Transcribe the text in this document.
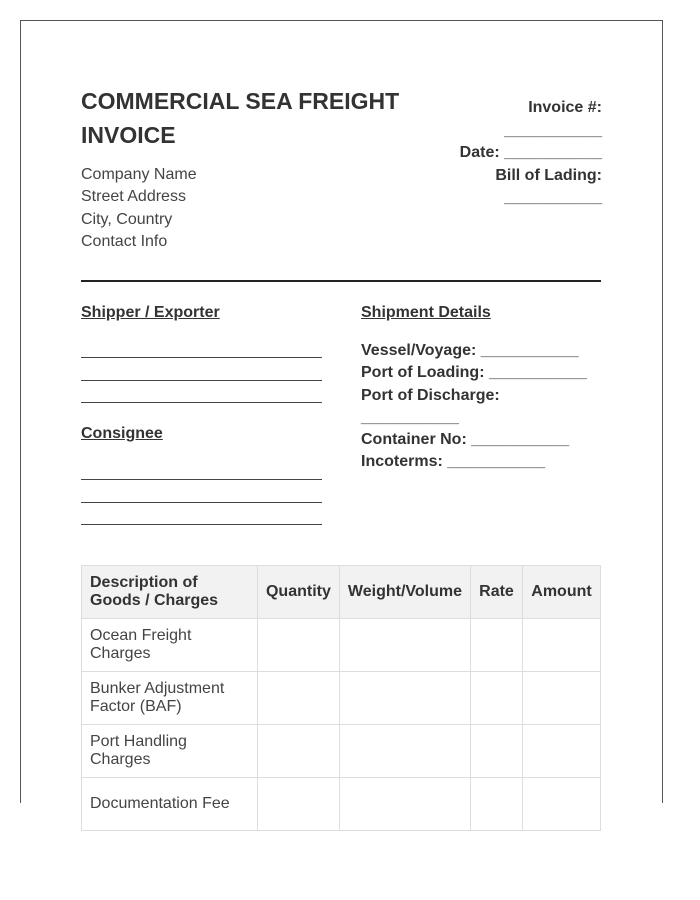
COMMERCIAL SEA FREIGHT INVOICE
Company Name
Street Address
City, Country
Contact Info
Invoice #:
___________
Date: ___________
Bill of Lading:
___________
Shipper / Exporter
Consignee
Shipment Details
Vessel/Voyage: ___________
Port of Loading: ___________
Port of Discharge:
___________
Container No: ___________
Incoterms: ___________
Description of Goods / Charges	Quantity	Weight/Volume	Rate	Amount
Ocean Freight Charges				
Bunker Adjustment Factor (BAF)				
Port Handling Charges				
Documentation Fee				
